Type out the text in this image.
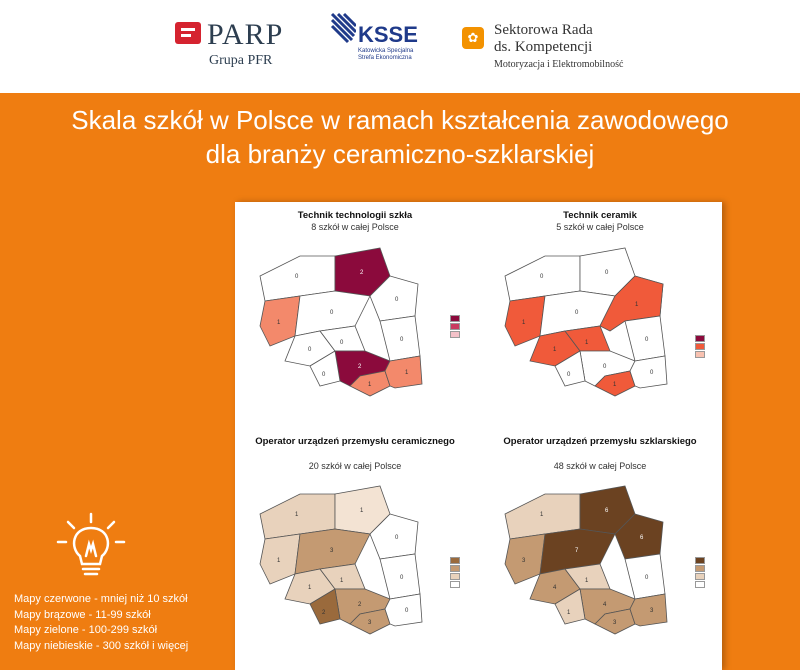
PARP
Grupa PFR
KSSE
Katowicka Specjalna Strefa Ekonomiczna
✿	Sektorowa Rada
ds. Kompetencji
Motoryzacja i Elektromobilność
Skala szkół w Polsce w ramach kształcenia zawodowego
dla branży ceramiczno-szklarskiej
Technik technologii szkła
8 szkół w całej Polsce
2
0
0
1
0
0
0
0
2
1
1
0
Technik ceramik
5 szkół w całej Polsce
0
0
1
1
0
0
1
1
0
1
0
0
Operator urządzeń przemysłu ceramicznego
20 szkół w całej Polsce
1
1
0
1
3
0
1
1
2
3
0
2
Operator urządzeń przemysłu szklarskiego
48 szkół w całej Polsce
6
1
6
3
7
0
4
1
4
3
3
1
Mapy czerwone - mniej niż 10 szkół
Mapy brązowe - 11-99 szkół
Mapy zielone - 100-299 szkół
Mapy niebieskie - 300 szkół i więcej
